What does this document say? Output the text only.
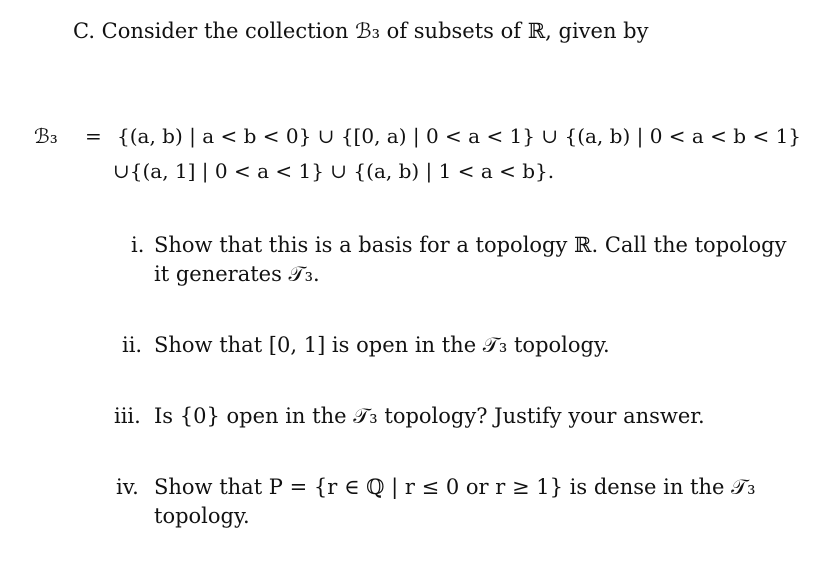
C. Consider the collection ℬ₃ of subsets of ℝ, given by
ℬ₃ = {(a, b) | a < b < 0} ∪ {[0, a) | 0 < a < 1} ∪ {(a, b) | 0 < a < b < 1}
∪{(a, 1] | 0 < a < 1} ∪ {(a, b) | 1 < a < b}.
i. Show that this is a basis for a topology ℝ. Call the topology
it generates 𝒯₃.
ii. Show that [0, 1] is open in the 𝒯₃ topology.
iii. Is {0} open in the 𝒯₃ topology? Justify your answer.
iv. Show that P = {r ∈ ℚ | r ≤ 0 or r ≥ 1} is dense in the 𝒯₃
topology.
